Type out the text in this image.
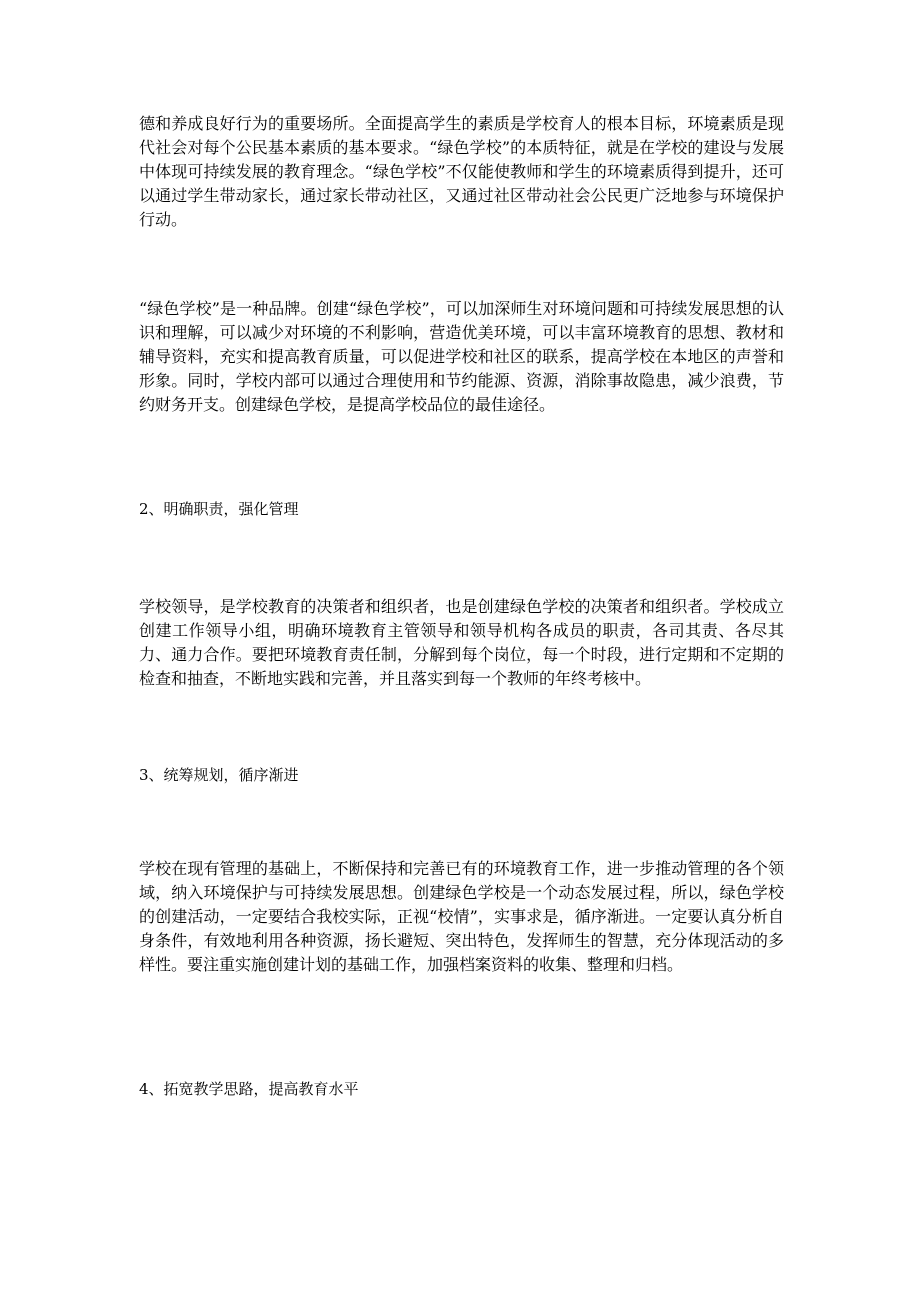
德和养成良好行为的重要场所。全面提高学生的素质是学校育人的根本目标，环境素质是现代社会对每个公民基本素质的基本要求。“绿色学校”的本质特征，就是在学校的建设与发展中体现可持续发展的教育理念。“绿色学校”不仅能使教师和学生的环境素质得到提升，还可以通过学生带动家长，通过家长带动社区，又通过社区带动社会公民更广泛地参与环境保护行动。

“绿色学校”是一种品牌。创建“绿色学校”，可以加深师生对环境问题和可持续发展思想的认识和理解，可以减少对环境的不利影响，营造优美环境，可以丰富环境教育的思想、教材和辅导资料，充实和提高教育质量，可以促进学校和社区的联系，提高学校在本地区的声誉和形象。同时，学校内部可以通过合理使用和节约能源、资源，消除事故隐患，减少浪费，节约财务开支。创建绿色学校，是提高学校品位的最佳途径。

2、明确职责，强化管理

学校领导，是学校教育的决策者和组织者，也是创建绿色学校的决策者和组织者。学校成立创建工作领导小组，明确环境教育主管领导和领导机构各成员的职责，各司其责、各尽其力、通力合作。要把环境教育责任制，分解到每个岗位，每一个时段，进行定期和不定期的检查和抽查，不断地实践和完善，并且落实到每一个教师的年终考核中。

3、统筹规划，循序渐进

学校在现有管理的基础上，不断保持和完善已有的环境教育工作，进一步推动管理的各个领域，纳入环境保护与可持续发展思想。创建绿色学校是一个动态发展过程，所以，绿色学校的创建活动，一定要结合我校实际，正视“校情”，实事求是，循序渐进。一定要认真分析自身条件，有效地利用各种资源，扬长避短、突出特色，发挥师生的智慧，充分体现活动的多样性。要注重实施创建计划的基础工作，加强档案资料的收集、整理和归档。

4、拓宽教学思路，提高教育水平
